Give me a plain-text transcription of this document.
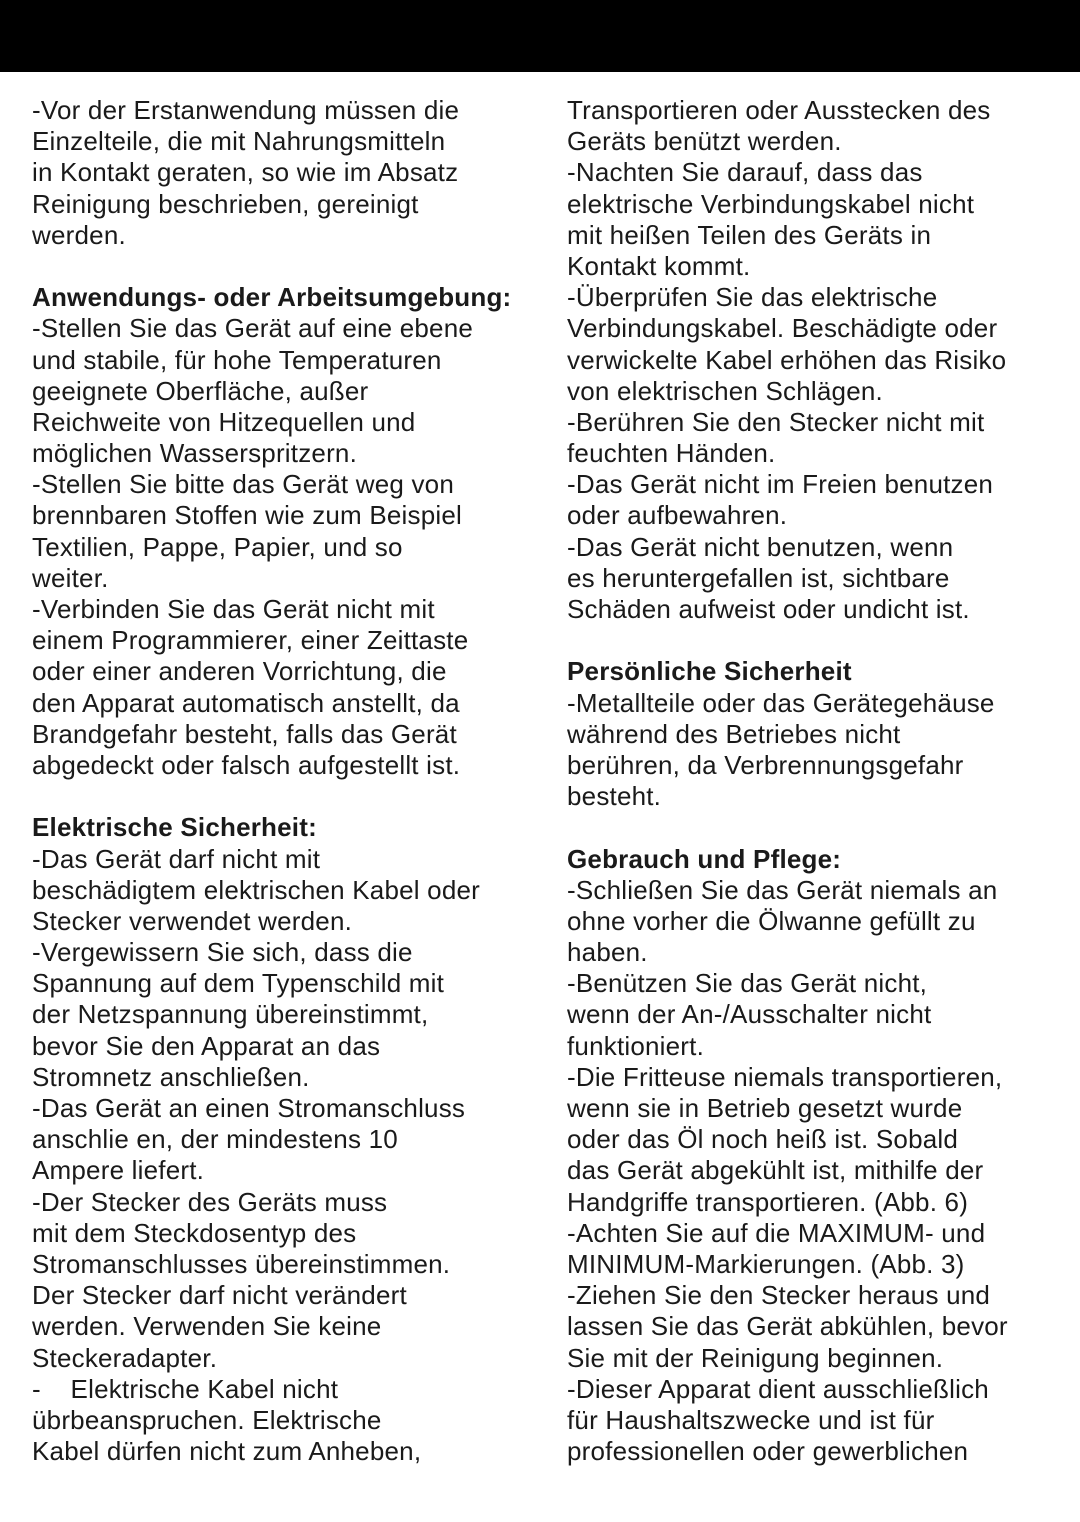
-Vor der Erstanwendung müssen die
Einzelteile, die mit Nahrungsmitteln
in Kontakt geraten, so wie im Absatz
Reinigung beschrieben, gereinigt
werden.
Anwendungs- oder Arbeitsumgebung:
-Stellen Sie das Gerät auf eine ebene
und stabile, für hohe Temperaturen
geeignete Oberfläche, außer
Reichweite von Hitzequellen und
möglichen Wasserspritzern.
-Stellen Sie bitte das Gerät weg von
brennbaren Stoffen wie zum Beispiel
Textilien, Pappe, Papier, und so
weiter.
-Verbinden Sie das Gerät nicht mit
einem Programmierer, einer Zeittaste
oder einer anderen Vorrichtung, die
den Apparat automatisch anstellt, da
Brandgefahr besteht, falls das Gerät
abgedeckt oder falsch aufgestellt ist.
Elektrische Sicherheit:
-Das Gerät darf nicht mit
beschädigtem elektrischen Kabel oder
Stecker verwendet werden.
-Vergewissern Sie sich, dass die
Spannung auf dem Typenschild mit
der Netzspannung übereinstimmt,
bevor Sie den Apparat an das
Stromnetz anschließen.
-Das Gerät an einen Stromanschluss
anschlie en, der mindestens 10
Ampere liefert.
-Der Stecker des Geräts muss
mit dem Steckdosentyp des
Stromanschlusses übereinstimmen.
Der Stecker darf nicht verändert
werden. Verwenden Sie keine
Steckeradapter.
-    Elektrische Kabel nicht
übrbeanspruchen. Elektrische
Kabel dürfen nicht zum Anheben,
Transportieren oder Ausstecken des
Geräts benützt werden.
-Nachten Sie darauf, dass das
elektrische Verbindungskabel nicht
mit heißen Teilen des Geräts in
Kontakt kommt.
-Überprüfen Sie das elektrische
Verbindungskabel. Beschädigte oder
verwickelte Kabel erhöhen das Risiko
von elektrischen Schlägen.
-Berühren Sie den Stecker nicht mit
feuchten Händen.
-Das Gerät nicht im Freien benutzen
oder aufbewahren.
-Das Gerät nicht benutzen, wenn
es heruntergefallen ist, sichtbare
Schäden aufweist oder undicht ist.
Persönliche Sicherheit
-Metallteile oder das Gerätegehäuse
während des Betriebes nicht
berühren, da Verbrennungsgefahr
besteht.
Gebrauch und Pflege:
-Schließen Sie das Gerät niemals an
ohne vorher die Ölwanne gefüllt zu
haben.
-Benützen Sie das Gerät nicht,
wenn der An-/Ausschalter nicht
funktioniert.
-Die Fritteuse niemals transportieren,
wenn sie in Betrieb gesetzt wurde
oder das Öl noch heiß ist. Sobald
das Gerät abgekühlt ist, mithilfe der
Handgriffe transportieren. (Abb. 6)
-Achten Sie auf die MAXIMUM- und
MINIMUM-Markierungen. (Abb. 3)
-Ziehen Sie den Stecker heraus und
lassen Sie das Gerät abkühlen, bevor
Sie mit der Reinigung beginnen.
-Dieser Apparat dient ausschließlich
für Haushaltszwecke und ist für
professionellen oder gewerblichen
